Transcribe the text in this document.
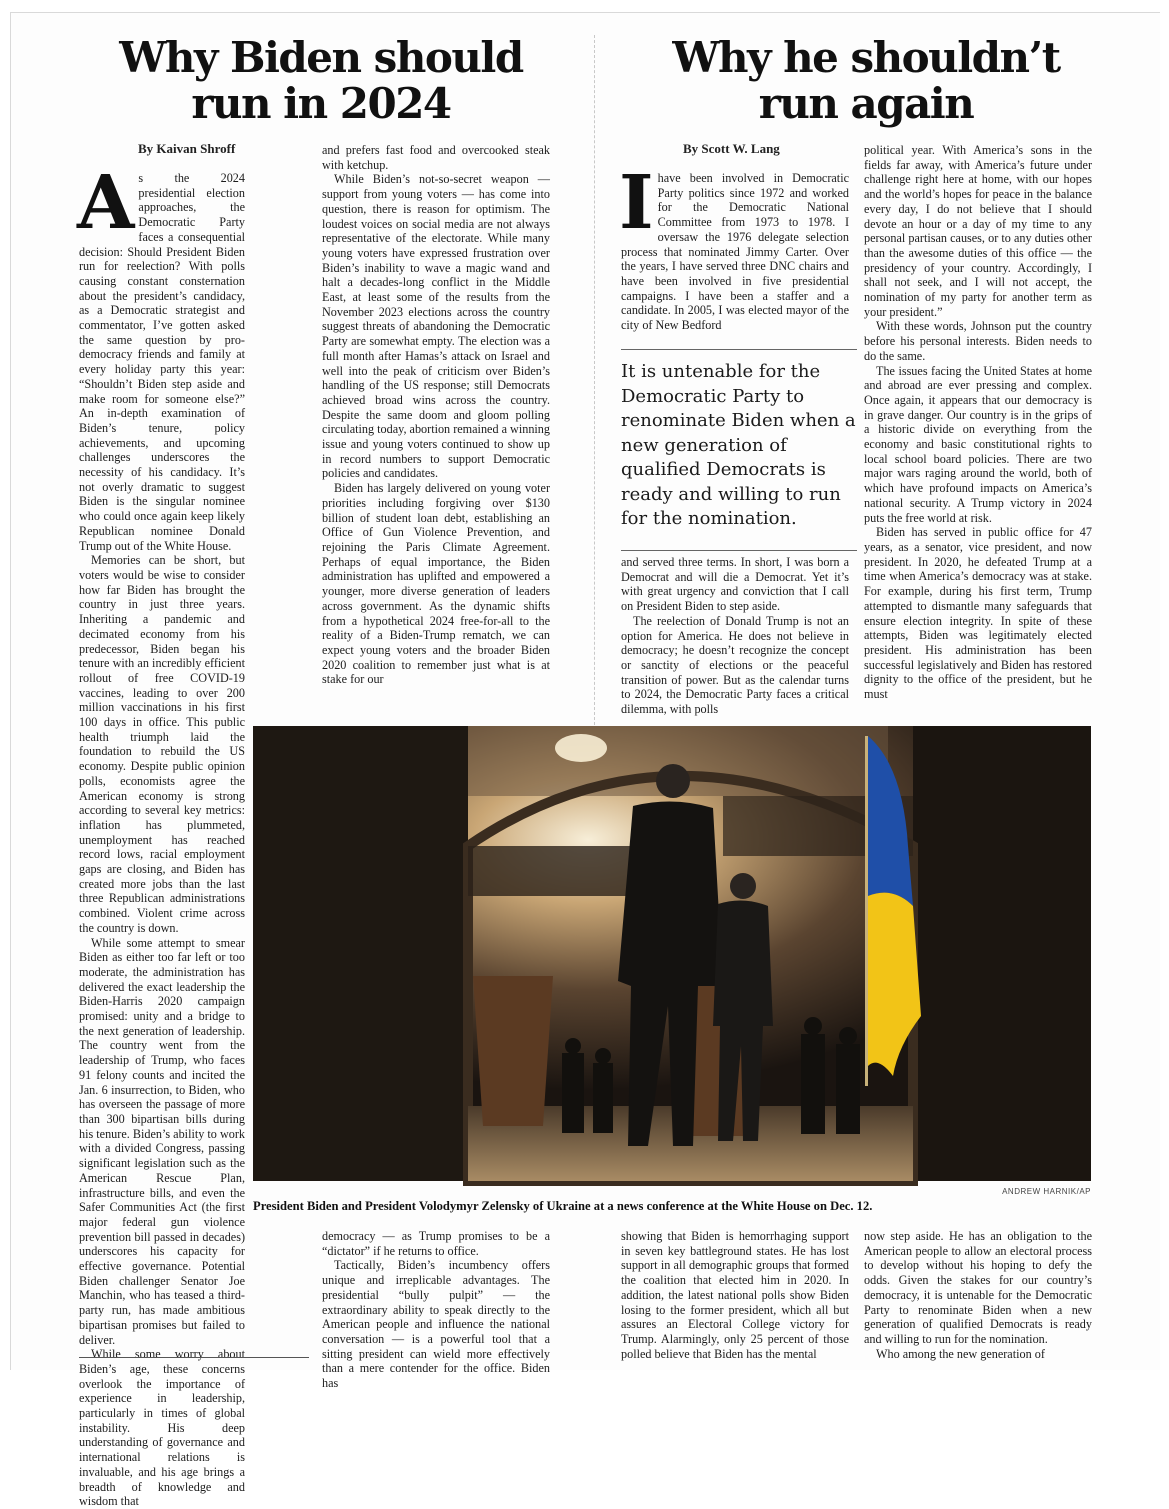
Why Biden should
run in 2024
Why he shouldn’t
run again
By Kaivan Shroff	By Scott W. Lang
A s the 2024 presidential election approaches, the Democratic Party faces a consequential decision: Should President Biden run for reelection? With polls causing constant consternation about the president’s candidacy, as a Democratic strategist and commentator, I’ve gotten asked the same question by pro-democracy friends and family at every holiday party this year: “Shouldn’t Biden step aside and make room for someone else?” An in-depth examination of Biden’s tenure, policy achievements, and upcoming challenges underscores the necessity of his candidacy. It’s not overly dramatic to suggest Biden is the singular nominee who could once again keep likely Republican nominee Donald Trump out of the White House.

Memories can be short, but voters would be wise to consider how far Biden has brought the country in just three years. Inheriting a pandemic and decimated economy from his predecessor, Biden began his tenure with an incredibly efficient rollout of free COVID-19 vaccines, leading to over 200 million vaccinations in his first 100 days in office. This public health triumph laid the foundation to rebuild the US economy. Despite public opinion polls, economists agree the American economy is strong according to several key metrics: inflation has plummeted, unemployment has reached record lows, racial employment gaps are closing, and Biden has created more jobs than the last three Republican administrations combined. Violent crime across the country is down.

While some attempt to smear Biden as either too far left or too moderate, the administration has delivered the exact leadership the Biden-Harris 2020 campaign promised: unity and a bridge to the next generation of leadership. The country went from the leadership of Trump, who faces 91 felony counts and incited the Jan. 6 insurrection, to Biden, who has overseen the passage of more than 300 bipartisan bills during his tenure. Biden’s ability to work with a divided Congress, passing significant legislation such as the American Rescue Plan, infrastructure bills, and even the Safer Communities Act (the first major federal gun violence prevention bill passed in decades) underscores his capacity for effective governance. Potential Biden challenger Senator Joe Manchin, who has teased a third-party run, has made ambitious bipartisan promises but failed to deliver.

While some worry about Biden’s age, these concerns overlook the importance of experience in leadership, particularly in times of global instability. His deep understanding of governance and international relations is invaluable, and his age brings a breadth of knowledge and wisdom that

and prefers fast food and overcooked steak with ketchup.

While Biden’s not-so-secret weapon — support from young voters — has come into question, there is reason for optimism. The loudest voices on social media are not always representative of the electorate. While many young voters have expressed frustration over Biden’s inability to wave a magic wand and halt a decades-long conflict in the Middle East, at least some of the results from the November 2023 elections across the country suggest threats of abandoning the Democratic Party are somewhat empty. The election was a full month after Hamas’s attack on Israel and well into the peak of criticism over Biden’s handling of the US response; still Democrats achieved broad wins across the country. Despite the same doom and gloom polling circulating today, abortion remained a winning issue and young voters continued to show up in record numbers to support Democratic policies and candidates.

Biden has largely delivered on young voter priorities including forgiving over $130 billion of student loan debt, establishing an Office of Gun Violence Prevention, and rejoining the Paris Climate Agreement. Perhaps of equal importance, the Biden administration has uplifted and empowered a younger, more diverse generation of leaders across government. As the dynamic shifts from a hypothetical 2024 free-for-all to the reality of a Biden-Trump rematch, we can expect young voters and the broader Biden 2020 coalition to remember just what is at stake for our

democracy — as Trump promises to be a “dictator” if he returns to office.

Tactically, Biden’s incumbency offers unique and irreplicable advantages. The presidential “bully pulpit” — the extraordinary ability to speak directly to the American people and influence the national conversation — is a powerful tool that a sitting president can wield more effectively than a mere contender for the office. Biden has

I have been involved in Democratic Party politics since 1972 and worked for the Democratic National Committee from 1973 to 1978. I oversaw the 1976 delegate selection process that nominated Jimmy Carter. Over the years, I have served three DNC chairs and have been involved in five presidential campaigns. I have been a staffer and a candidate. In 2005, I was elected mayor of the city of New Bedford

It is untenable for the Democratic Party to renominate Biden when a new generation of qualified Democrats is ready and willing to run for the nomination.

and served three terms. In short, I was born a Democrat and will die a Democrat. Yet it’s with great urgency and conviction that I call on President Biden to step aside.

The reelection of Donald Trump is not an option for America. He does not believe in democracy; he doesn’t recognize the concept or sanctity of elections or the peaceful transition of power. But as the calendar turns to 2024, the Democratic Party faces a critical dilemma, with polls

showing that Biden is hemorrhaging support in seven key battleground states. He has lost support in all demographic groups that formed the coalition that elected him in 2020. In addition, the latest national polls show Biden losing to the former president, which all but assures an Electoral College victory for Trump. Alarmingly, only 25 percent of those polled believe that Biden has the mental

political year. With America’s sons in the fields far away, with America’s future under challenge right here at home, with our hopes and the world’s hopes for peace in the balance every day, I do not believe that I should devote an hour or a day of my time to any personal partisan causes, or to any duties other than the awesome duties of this office — the presidency of your country. Accordingly, I shall not seek, and I will not accept, the nomination of my party for another term as your president.”

With these words, Johnson put the country before his personal interests. Biden needs to do the same.

The issues facing the United States at home and abroad are ever pressing and complex. Once again, it appears that our democracy is in grave danger. Our country is in the grips of a historic divide on everything from the economy and basic constitutional rights to local school board policies. There are two major wars raging around the world, both of which have profound impacts on America’s national security. A Trump victory in 2024 puts the free world at risk.

Biden has served in public office for 47 years, as a senator, vice president, and now president. In 2020, he defeated Trump at a time when America’s democracy was at stake. For example, during his first term, Trump attempted to dismantle many safeguards that ensure election integrity. In spite of these attempts, Biden was legitimately elected president. His administration has been successful legislatively and Biden has restored dignity to the office of the president, but he must

now step aside. He has an obligation to the American people to allow an electoral process to develop without his hoping to defy the odds. Given the stakes for our country’s democracy, it is untenable for the Democratic Party to renominate Biden when a new generation of qualified Democrats is ready and willing to run for the nomination.

Who among the new generation of

ANDREW HARNIK/AP
President Biden and President Volodymyr Zelensky of Ukraine at a news conference at the White House on Dec. 12.
